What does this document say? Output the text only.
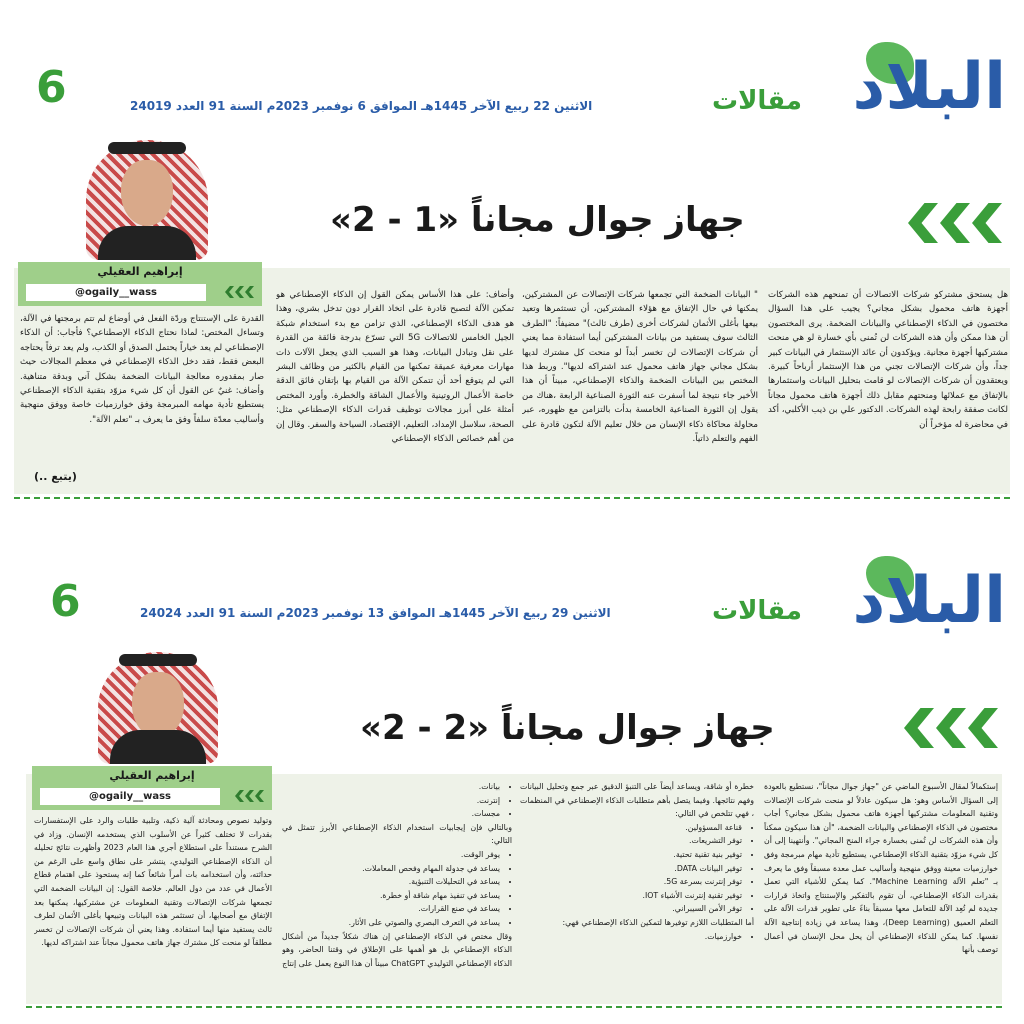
البلاد
مقالات
الاثنين 22 ربيع الآخر 1445هـ الموافق 6 نوفمبر 2023م السنة 91 العدد 24019
6
جهاز جوال مجاناً «1 - 2»
إبراهيم العقيلي
@ogaily__wass	هل يستحق مشتركو شركات الاتصالات أن تمنحهم هذه الشركات أجهزة هاتف محمول بشكل مجاني؟ يجيب على هذا السؤال مختصون في الذكاء الإصطناعي والبيانات الضخمة. يرى المختصون أن هذا ممكن وأن هذه الشركات لن تُمنى بأي خسارة لو هي منحت مشتركيها أجهزة مجانية. ويؤكدون أن عائد الإستثمار في البيانات كبير جداً، وأن شركات الإتصالات تجني من هذا الإستثمار أرباحاً كبيرة. ويعتقدون أن شركات الإتصالات لو قامت بتحليل البيانات واستثمارها بالإتفاق مع عملائها ومنحتهم مقابل ذلك أجهزة هاتف محمول مجاناً لكانت صفقة رابحة لهذه الشركات. الدكتور علي بن ذيب الأكلبي، أكد في محاضرة له مؤخراً أن

" البيانات الضخمة التي تجمعها شركات الإتصالات عن المشتركين، يمكنها في حال الإتفاق مع هؤلاء المشتركين، أن تستثمرها وتعيد بيعها بأغلى الأثمان لشركات أخرى (طرف ثالث)" مضيفاً: "الطرف الثالث سوف يستفيد من بيانات المشتركين أيما استفادة مما يعني أن شركات الإتصالات لن تخسر أبداً لو منحت كل مشترك لديها بشكل مجاني جهاز هاتف محمول عند اشتراكه لديها". وربط هذا المختص بين البيانات الضخمة والذكاء الإصطناعي، مبيناً أن هذا الأخير جاء نتيجة لما أسفرت عنه الثورة الصناعية الرابعة ،هناك من يقول إن الثورة الصناعية الخامسة بدأت بالتزامن مع ظهوره، عبر محاولة محاكاة ذكاء الإنسان من خلال تعليم الآلة لتكون قادرة على الفهم والتعلم ذاتياً.

وأضاف: على هذا الأساس يمكن القول إن الذكاء الإصطناعي هو تمكين الآلة لتصبح قادرة على اتخاذ القرار دون تدخل بشري، وهذا هو هدف الذكاء الإصطناعي، الذي تزامن مع بدء استخدام شبكة الجيل الخامس للاتصالات 5G التي تسرّع بدرجة فائقة من القدرة على نقل وتبادل البيانات، وهذا هو السبب الذي يجعل الآلات ذات مهارات معرفية عميقة تمكنها من القيام بالكثير من وظائف البشر التي لم يتوقع أحد أن تتمكن الآلة من القيام بها بإتقان فائق الدقة خاصة الأعمال الروتينية والأعمال الشاقة والخطرة. وأورد المختص أمثلة على أبرز مجالات توظيف قدرات الذكاء الإصطناعي مثل: الصحة، سلاسل الإمداد، التعليم، الإقتصاد، السياحة والسفر. وقال إن من أهم خصائص الذكاء الإصطناعي

القدرة على الإستنتاج وردّة الفعل في أوضاع لم تتم برمجتها في الآلة، وتساءل المختص: لماذا نحتاج الذكاء الإصطناعي؟ فأجاب: أن الذكاء الإصطناعي لم يعد خياراً يحتمل الصدق أو الكذب، ولم يعد ترفاً يحتاجه البعض فقط، فقد دخل الذكاء الإصطناعي في معظم المجالات حيث صار بمقدوره معالجة البيانات الضخمة بشكل آني وبدقة متناهية. وأضاف: غنيٌ عن القول أن كل شيء مزوّد بتقنية الذكاء الإصطناعي يستطيع تأدية مهامه المبرمجة وفق خوارزميات خاصة ووفق منهجية وأساليب معدّة سلفاً وفق ما يعرف بـ "تعلم الآلة".

(يتبع ..)
البلاد
مقالات
الاثنين 29 ربيع الآخر 1445هـ الموافق 13 نوفمبر 2023م السنة 91 العدد 24024
6
جهاز جوال مجاناً «2 - 2»
إبراهيم العقيلي
@ogaily__wass

إستكمالاً لمقال الأسبوع الماضي عن "جهاز جوال مجاناً"، نستطيع بالعودة إلى السؤال الأساس وهو: هل سيكون عادلاً لو منحت شركات الإتصالات وتقنية المعلومات مشتركيها أجهزة هاتف محمول بشكل مجاني؟ أجاب مختصون في الذكاء الإصطناعي والبيانات الضخمة، "أن هذا سيكون ممكناً وأن هذه الشركات لن تُمنى بخسارة جراء المنح المجاني". وأنتهينا إلى أن كل شيء مزوّد بتقنية الذكاء الإصطناعي، يستطيع تأدية مهام مبرمجة وفق خوارزميات معينة ووفق منهجية وأساليب عمل معدة مسبقاً وفق ما يعرف بـ "تعلم الآلة Machine Learning". كما يمكن للأشياء التي تعمل بقدرات الذكاء الإصطناعي، أن تقوم بالتفكير والإستنتاج واتخاذ قرارات جديدة لم تُعِد الآلة للتعامل معها مسبقاً بناءً على تطوير قدرات الآلة على التعلم العميق (Deep Learning)، وهذا يساعد في زيادة إنتاجية الآلة نفسها. كما يمكن للذكاء الإصطناعي أن يحل محل الإنسان في أعمال توصف بأنها

خطرة أو شاقة، ويساعد أيضاً على التنبؤ الدقيق عبر جمع وتحليل البيانات وفهم نتائجها. وفيما يتصل بأهم متطلبات الذكاء الإصطناعي في المنظمات ، فهي تتلخص في التالي:

• قناعة المسؤولين.
• توفر التشريعات.
• توفير بنية تقنية تحتية.
• توفير البيانات DATA.
• توفر إنترنت بسرعة 5G.
• توفير تقنية إنترنت الأشياء IOT.
• توفر الأمن السيبراني.

أما المتطلبات اللازم توفيرها لتمكين الذكاء الإصطناعي فهي:

• خوارزميات.
• بيانات.
• إنترنت.
• مجسات.

وبالتالي فإن إيجابيات استخدام الذكاء الإصطناعي الأبرز تتمثل في التالي:

• يوفر الوقت.
• يساعد في جدولة المهام وفحص المعاملات.
• يساعد في التحليلات التنبؤية.
• يساعد في تنفيذ مهام شاقة أو خطرة.
• يساعد في صنع القرارات.
• يساعد في التعرف البصري والصوتي على الأثار.

وقال مختص في الذكاء الإصطناعي إن هناك شكلاً جديداً من أشكال الذكاء الإصطناعي بل هو أهمها على الإطلاق في وقتنا الحاضر، وهو الذكاء الإصطناعي التوليدي ChatGPT مبيناً أن هذا النوع يعمل على إنتاج

وتوليد نصوص ومحادثة آلية ذكية، وتلبية طلبات والرد على الإستفسارات بقدرات لا تختلف كثيراً عن الأسلوب الذي يستخدمه الإنسان. وزاد في الشرح مستنداً على استطلاع أجري هذا العام 2023 وأظهرت نتائج تحليله أن الذكاء الإصطناعي التوليدي، ينتشر على نطاق واسع على الرغم من حداثته، وأن استخدامه بات أمراً شائعاً كما إنه يستحوذ على اهتمام قطاع الأعمال في عدد من دول العالم. خلاصة القول: إن البيانات الضخمة التي تجمعها شركات الإتصالات وتقنية المعلومات عن مشتركيها، يمكنها بعد الإتفاق مع أصحابها، أن تستثمر هذه البيانات وتبيعها بأغلى الأثمان لطرف ثالث يستفيد منها أيما استفادة. وهذا يعني أن شركات الإتصالات لن تخسر مطلقاً لو منحت كل مشترك جهاز هاتف محمول مجاناً عند اشتراكه لديها.
